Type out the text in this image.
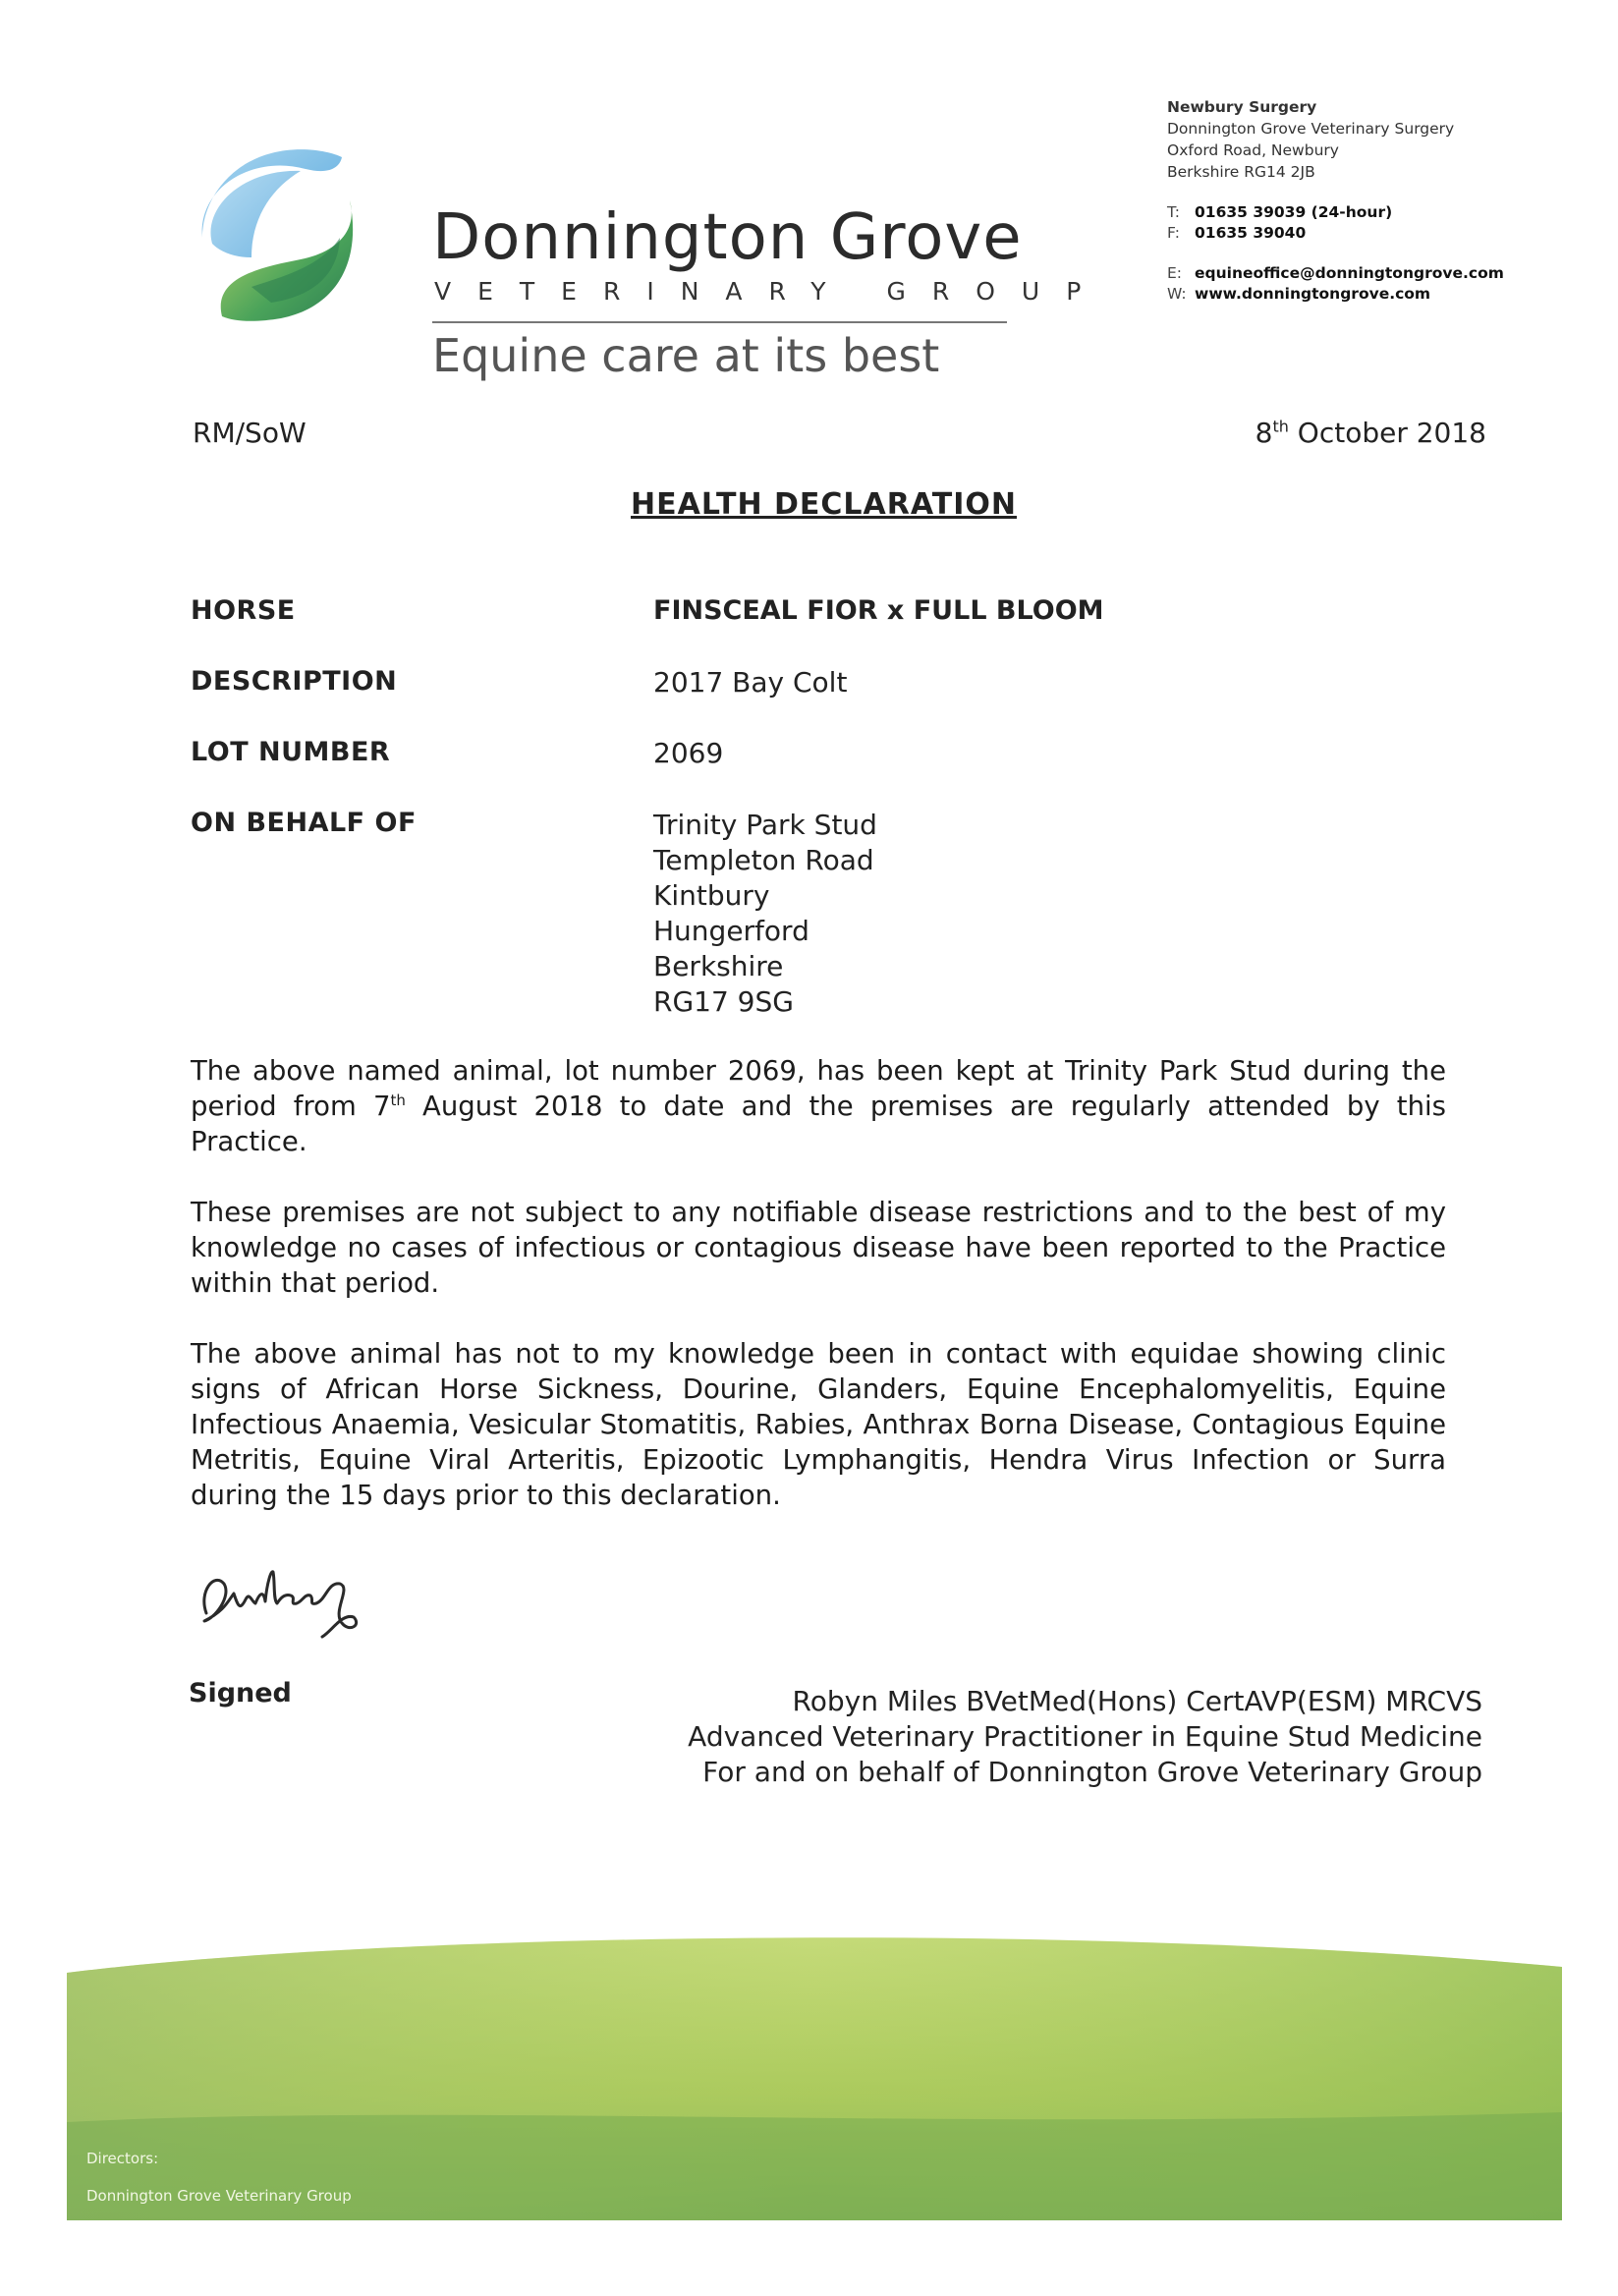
Donnington Grove
VETERINARY GROUP
Equine care at its best
Newbury Surgery
Donnington Grove Veterinary Surgery
Oxford Road, Newbury
Berkshire RG14 2JB
T: 01635 39039 (24-hour)
F: 01635 39040
E: equineoffice@donningtongrove.com
W: www.donningtongrove.com
RM/SoW	8th October 2018
HEALTH DECLARATION
HORSE	FINSCEAL FIOR x FULL BLOOM
DESCRIPTION	2017 Bay Colt
LOT NUMBER	2069
ON BEHALF OF	Trinity Park Stud
Templeton Road
Kintbury
Hungerford
Berkshire
RG17 9SG
The above named animal, lot number 2069, has been kept at Trinity Park Stud during the period from 7th August 2018 to date and the premises are regularly attended by this Practice.
These premises are not subject to any notifiable disease restrictions and to the best of my knowledge no cases of infectious or contagious disease have been reported to the Practice within that period.
The above animal has not to my knowledge been in contact with equidae showing clinic signs of African Horse Sickness, Dourine, Glanders, Equine Encephalomyelitis, Equine Infectious Anaemia, Vesicular Stomatitis, Rabies, Anthrax Borna Disease, Contagious Equine Metritis, Equine Viral Arteritis, Epizootic Lymphangitis, Hendra Virus Infection or Surra during the 15 days prior to this declaration.
Signed	Robyn Miles BVetMed(Hons) CertAVP(ESM) MRCVS
Advanced Veterinary Practitioner in Equine Stud Medicine
For and on behalf of Donnington Grove Veterinary Group
Directors:
Donnington Grove Veterinary Group
